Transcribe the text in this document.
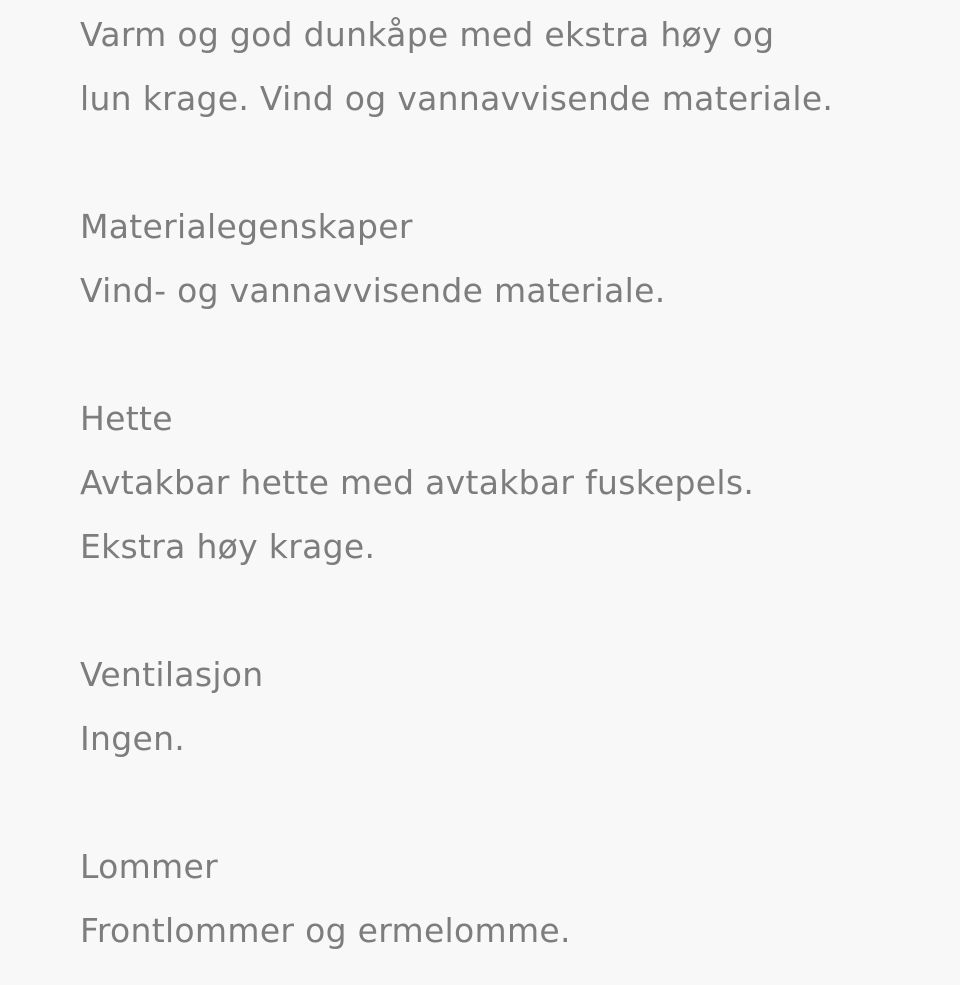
Varm og god dunkåpe med ekstra høy og
lun krage. Vind og vannavvisende materiale.
Materialegenskaper
Vind- og vannavvisende materiale.
Hette
Avtakbar hette med avtakbar fuskepels.
Ekstra høy krage.
Ventilasjon
Ingen.
Lommer
Frontlommer og ermelomme.
